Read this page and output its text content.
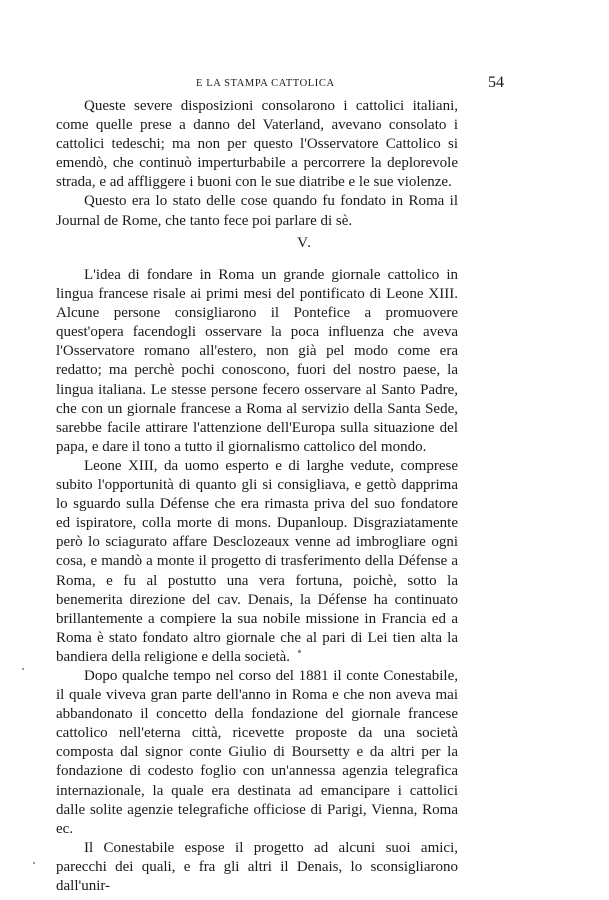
E LA STAMPA CATTOLICA	54

Queste severe disposizioni consolarono i cattolici italiani, come quelle prese a danno del Vaterland, avevano consolato i cattolici tedeschi; ma non per questo l'Osservatore Cattolico si emendò, che continuò imperturbabile a percorrere la deplorevole strada, e ad affliggere i buoni con le sue diatribe e le sue violenze.

Questo era lo stato delle cose quando fu fondato in Roma il Journal de Rome, che tanto fece poi parlare di sè.

V.

L'idea di fondare in Roma un grande giornale cattolico in lingua francese risale ai primi mesi del pontificato di Leone XIII. Alcune persone consigliarono il Pontefice a promuovere quest'opera facendogli osservare la poca influenza che aveva l'Osservatore romano all'estero, non già pel modo come era redatto; ma perchè pochi conoscono, fuori del nostro paese, la lingua italiana. Le stesse persone fecero osservare al Santo Padre, che con un giornale francese a Roma al servizio della Santa Sede, sarebbe facile attirare l'attenzione dell'Europa sulla situazione del papa, e dare il tono a tutto il giornalismo cattolico del mondo.

Leone XIII, da uomo esperto e di larghe vedute, comprese subito l'opportunità di quanto gli si consigliava, e gettò dapprima lo sguardo sulla Défense che era rimasta priva del suo fondatore ed ispiratore, colla morte di mons. Dupanloup. Disgraziatamente però lo sciagurato affare Desclozeaux venne ad imbrogliare ogni cosa, e mandò a monte il progetto di trasferimento della Défense a Roma, e fu al postutto una vera fortuna, poichè, sotto la benemerita direzione del cav. Denais, la Défense ha continuato brillantemente a compiere la sua nobile missione in Francia ed a Roma è stato fondato altro giornale che al pari di Lei tien alta la bandiera della religione e della società.

Dopo qualche tempo nel corso del 1881 il conte Conestabile, il quale viveva gran parte dell'anno in Roma e che non aveva mai abbandonato il concetto della fondazione del giornale francese cattolico nell'eterna città, ricevette proposte da una società composta dal signor conte Giulio di Boursetty e da altri per la fondazione di codesto foglio con un'annessa agenzia telegrafica internazionale, la quale era destinata ad emancipare i cattolici dalle solite agenzie telegrafiche officiose di Parigi, Vienna, Roma ec.

Il Conestabile espose il progetto ad alcuni suoi amici, parecchi dei quali, e fra gli altri il Denais, lo sconsigliarono dall'unir-
